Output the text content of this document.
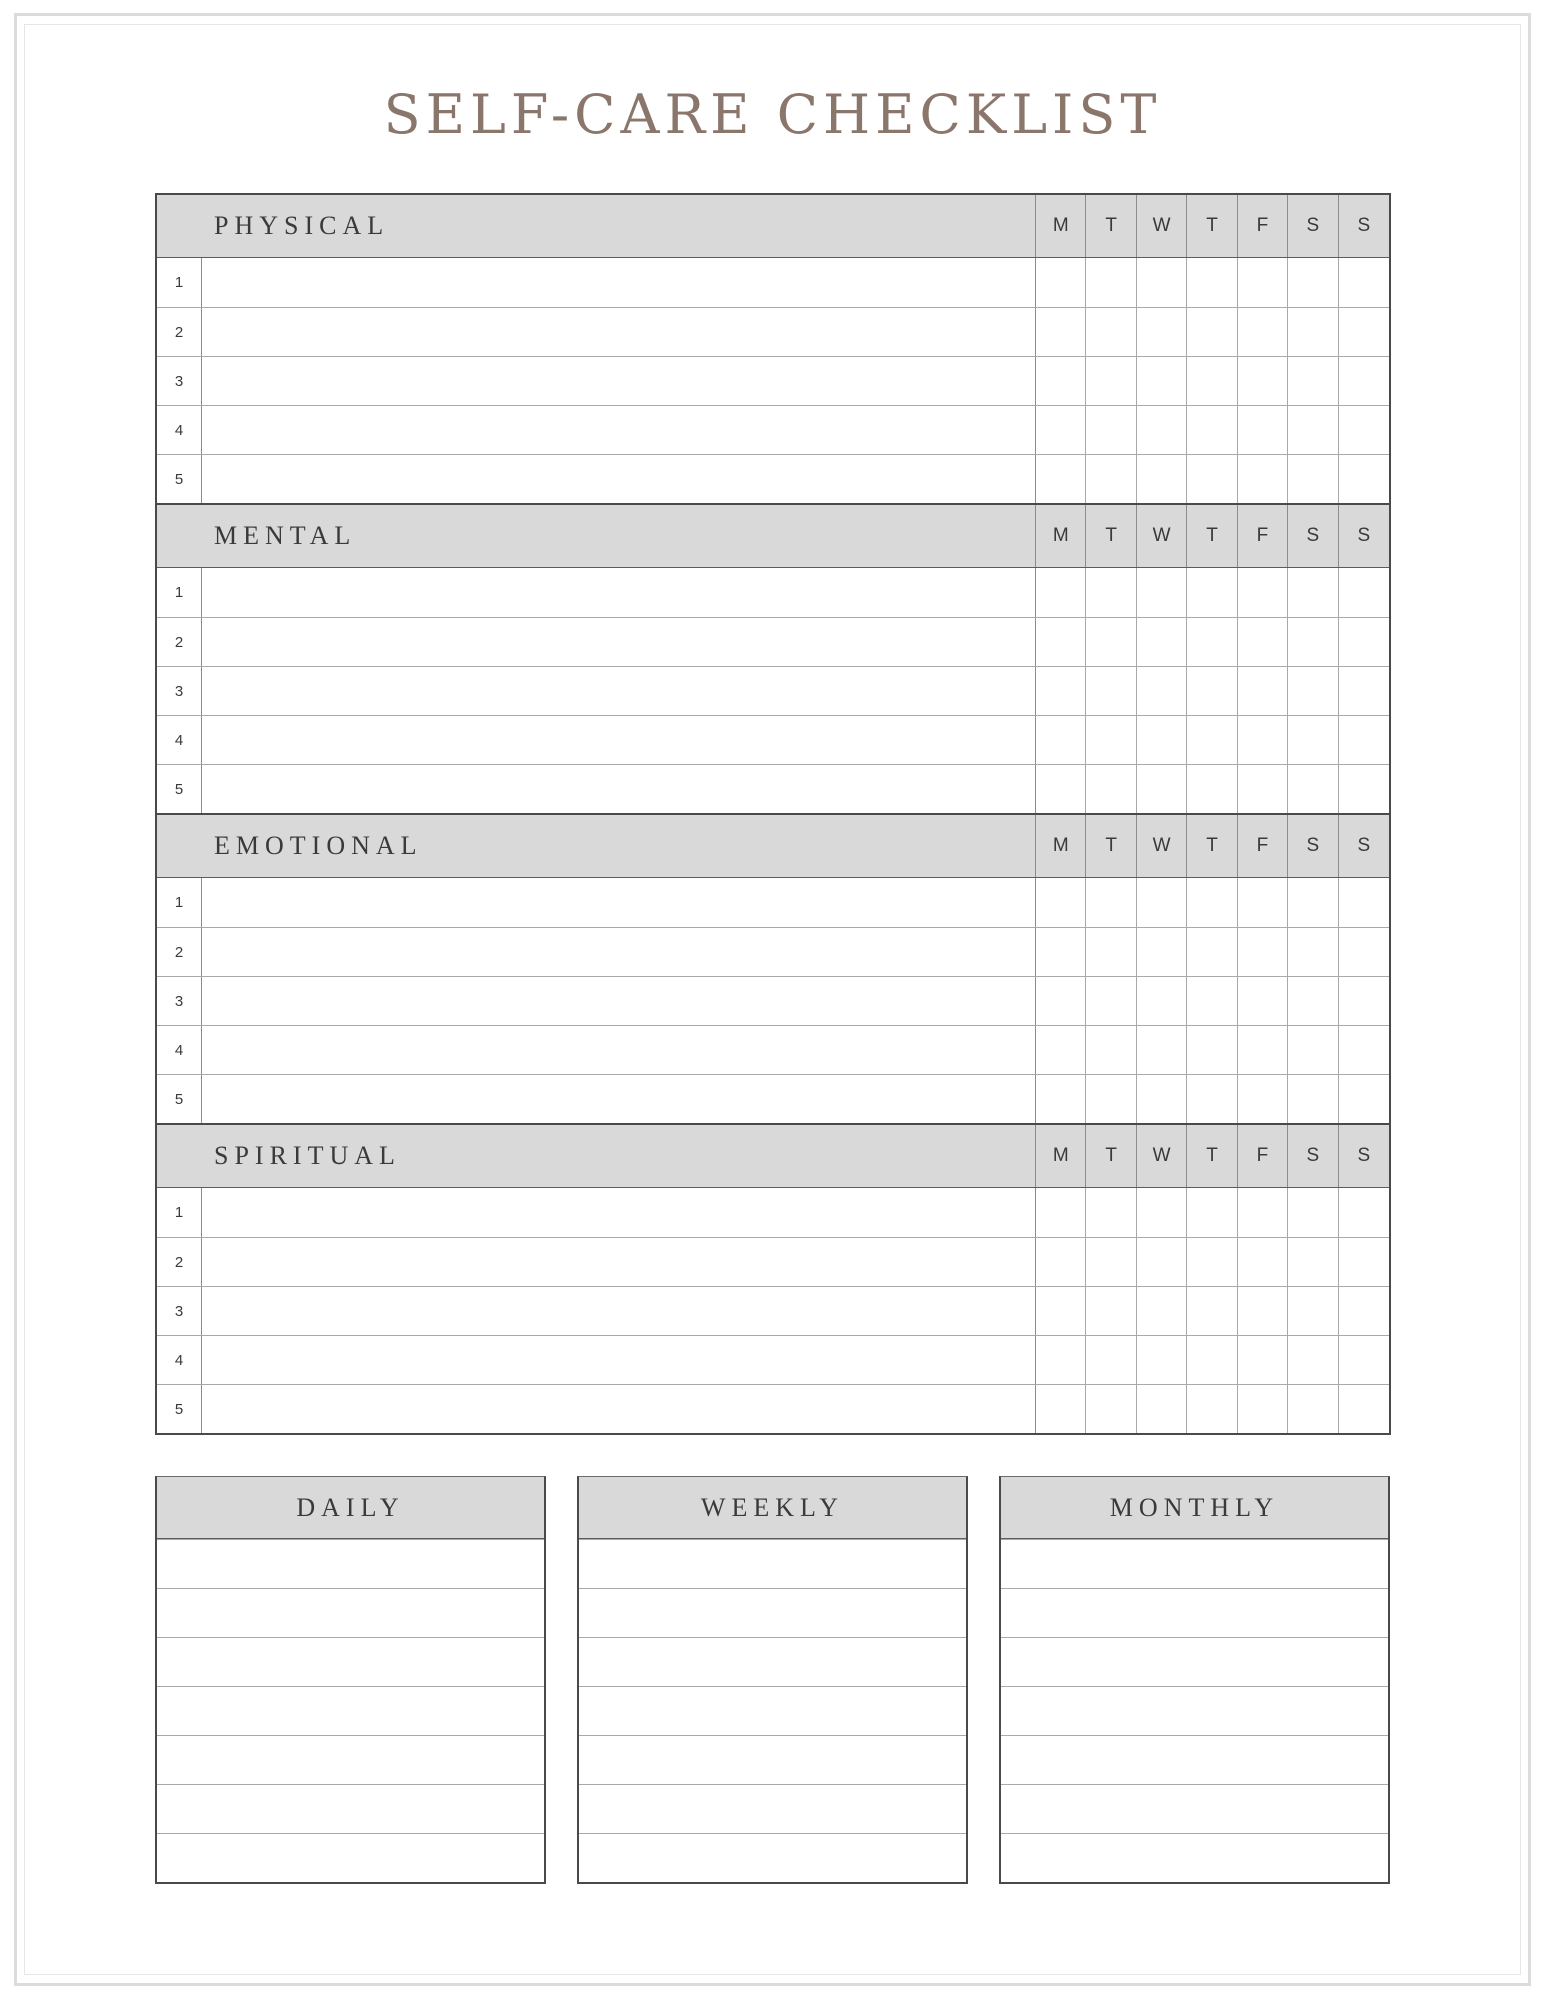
SELF-CARE CHECKLIST
PHYSICAL	M	T	W	T	F	S	S
1
2
3
4
5
MENTAL	M	T	W	T	F	S	S
1
2
3
4
5
EMOTIONAL	M	T	W	T	F	S	S
1
2
3
4
5
SPIRITUAL	M	T	W	T	F	S	S
1
2
3
4
5
DAILY	WEEKLY	MONTHLY
